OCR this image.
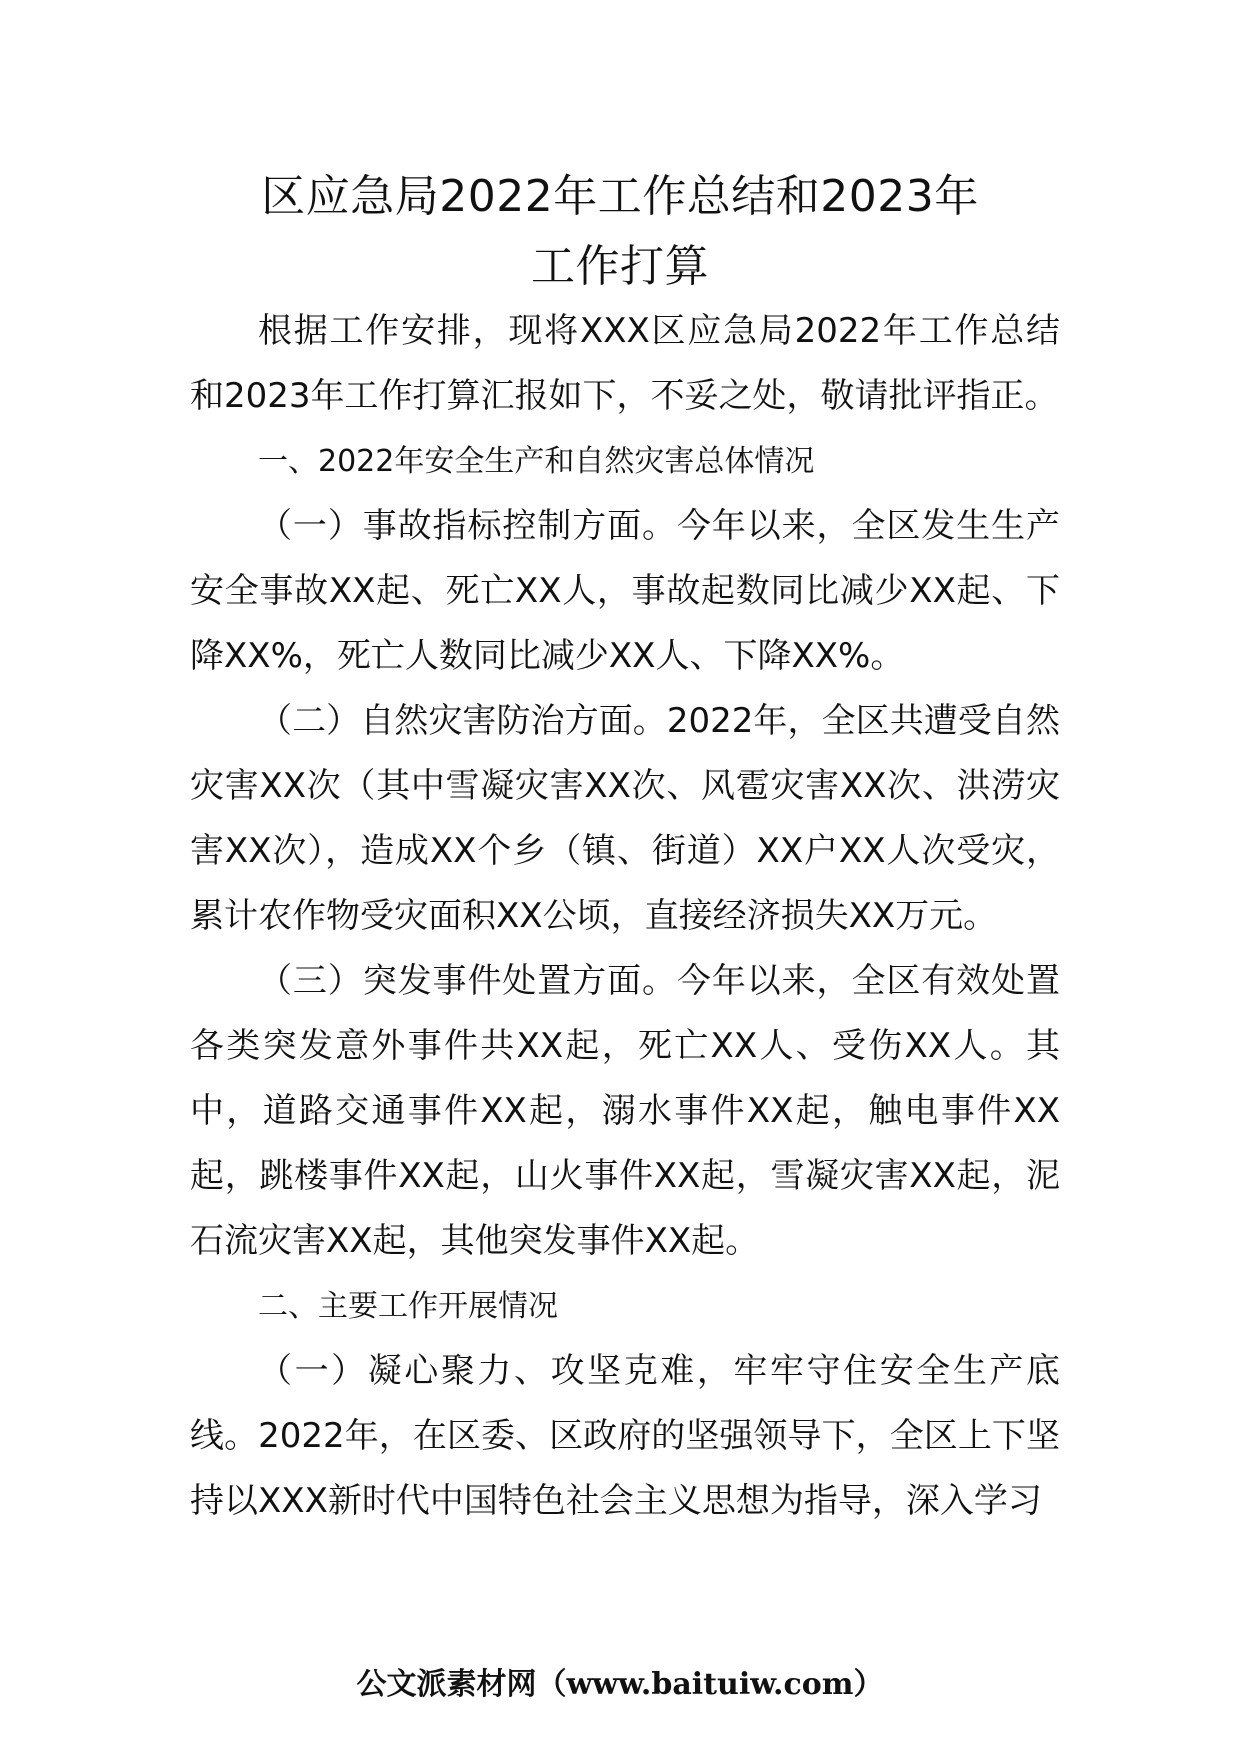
区应急局2022年工作总结和2023年
工作打算

根据工作安排，现将XXX区应急局2022年工作总结和2023年工作打算汇报如下，不妥之处，敬请批评指正。

一、2022年安全生产和自然灾害总体情况

（一）事故指标控制方面。今年以来，全区发生生产安全事故XX起、死亡XX人，事故起数同比减少XX起、下降XX%，死亡人数同比减少XX人、下降XX%。

（二）自然灾害防治方面。2022年，全区共遭受自然灾害XX次（其中雪凝灾害XX次、风雹灾害XX次、洪涝灾害XX次），造成XX个乡（镇、街道）XX户XX人次受灾，累计农作物受灾面积XX公顷，直接经济损失XX万元。

（三）突发事件处置方面。今年以来，全区有效处置各类突发意外事件共XX起，死亡XX人、受伤XX人。其中，道路交通事件XX起，溺水事件XX起，触电事件XX起，跳楼事件XX起，山火事件XX起，雪凝灾害XX起，泥石流灾害XX起，其他突发事件XX起。

二、主要工作开展情况

（一）凝心聚力、攻坚克难，牢牢守住安全生产底线。2022年，在区委、区政府的坚强领导下，全区上下坚持以XXX新时代中国特色社会主义思想为指导，深入学习

公文派素材网（www.baituiw.com）
